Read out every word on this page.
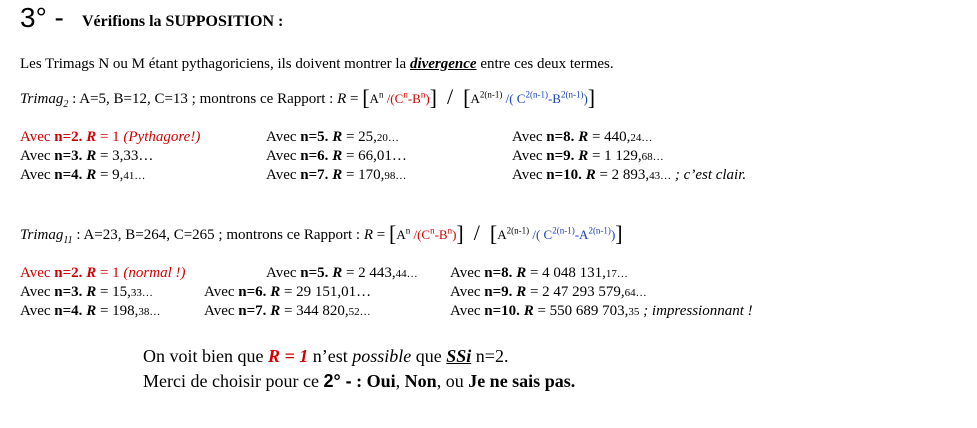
3° - Vérifions la SUPPOSITION :
Les Trimags N ou M étant pythagoriciens, ils doivent montrer la divergence entre ces deux termes.
Trimag$_2$ : A=5, B=12, C=13 ; montrons ce Rapport : $R = [A^n$ $/(C^n-B^n)] / [A^{2(n-1)}$ /( $C^{2(n-1)}-B^{2(n-1)}$)]
Avec n=2. R = 1 (Pythagore!)	Avec n=5. R = 25,20…	Avec n=8. R = 440,24…
Avec n=3. R = 3,33…	Avec n=6. R = 66,01…	Avec n=9. R = 1 129,68…
Avec n=4. R = 9,41…	Avec n=7. R = 170,98…	Avec n=10. R = 2 893,43… ; c’est clair.
Trimag$_{11}$ : A=23, B=264, C=265 ; montrons ce Rapport : $R = [A^n$ $/(C^n-B^n)] / [A^{2(n-1)}$ /( $C^{2(n-1)}-A^{2(n-1)}$)]
Avec n=2. R = 1 (normal !)	Avec n=5. R = 2 443,44… Avec n=8. R = 4 048 131,17…
Avec n=3. R = 15,33…	Avec n=6. R = 29 151,01…	Avec n=9. R = 2 47 293 579,64…
Avec n=4. R = 198,38…	Avec n=7. R = 344 820,52…	Avec n=10. R = 550 689 703,35 ; impressionnant !
On voit bien que R = 1 n’est possible que SSi n=2.
Merci de choisir pour ce 2° - : Oui, Non, ou Je ne sais pas.
